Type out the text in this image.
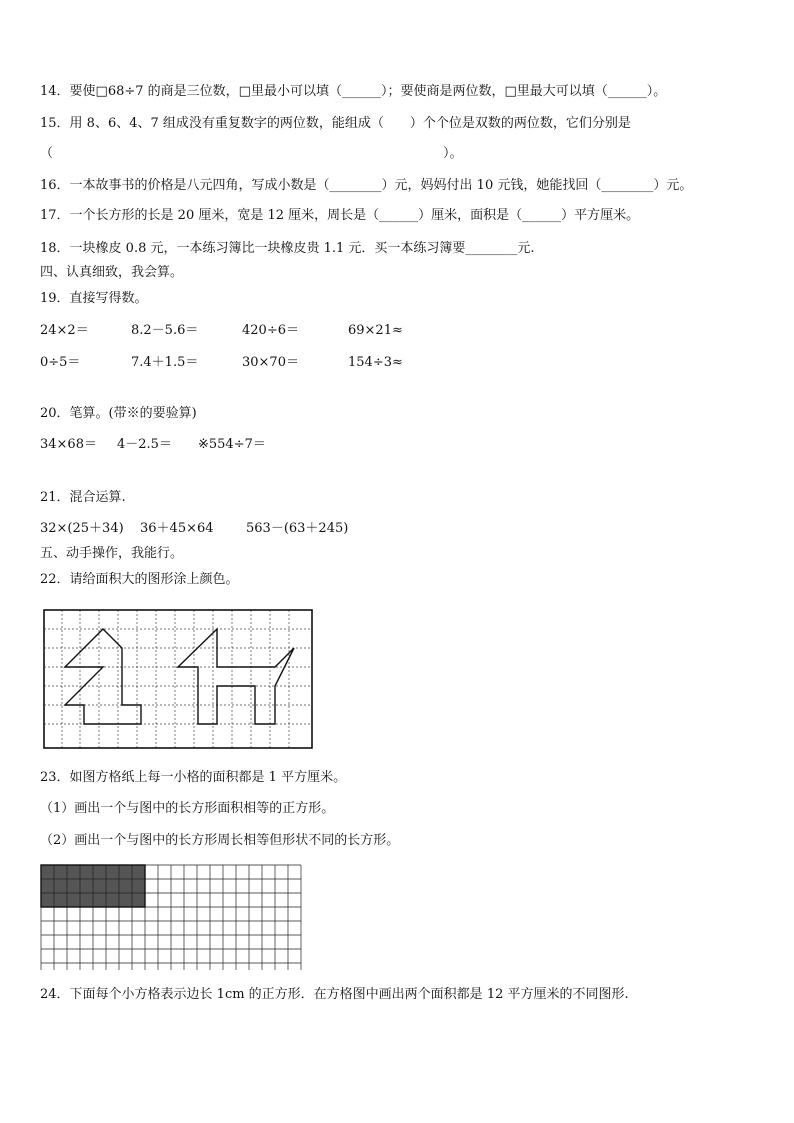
14．要使□68÷7 的商是三位数，□里最小可以填（______）；要使商是两位数，□里最大可以填（______）。
15．用 8、6、4、7 组成没有重复数字的两位数，能组成（　　）个个位是双数的两位数，它们分别是
（　　　　　　　　　　　　　　　　　　　　　　　　　　　　　　）。
16．一本故事书的价格是八元四角，写成小数是（________）元，妈妈付出 10 元钱，她能找回（________）元。
17．一个长方形的长是 20 厘米，宽是 12 厘米，周长是（______）厘米，面积是（______）平方厘米。
18．一块橡皮 0.8 元，一本练习簿比一块橡皮贵 1.1 元．买一本练习簿要________元.
四、认真细致，我会算。
19．直接写得数。
24×2＝	8.2－5.6＝	420÷6＝	69×21≈
0÷5＝	7.4＋1.5＝	30×70＝	154÷3≈
20．笔算。(带※的要验算)
34×68＝ 4－2.5＝ ※554÷7＝
21．混合运算.
32×(25＋34) 36＋45×64 563－(63＋245)
五、动手操作，我能行。
22．请给面积大的图形涂上颜色。
23．如图方格纸上每一小格的面积都是 1 平方厘米。
（1）画出一个与图中的长方形面积相等的正方形。
（2）画出一个与图中的长方形周长相等但形状不同的长方形。
24．下面每个小方格表示边长 1cm 的正方形．在方格图中画出两个面积都是 12 平方厘米的不同图形.
